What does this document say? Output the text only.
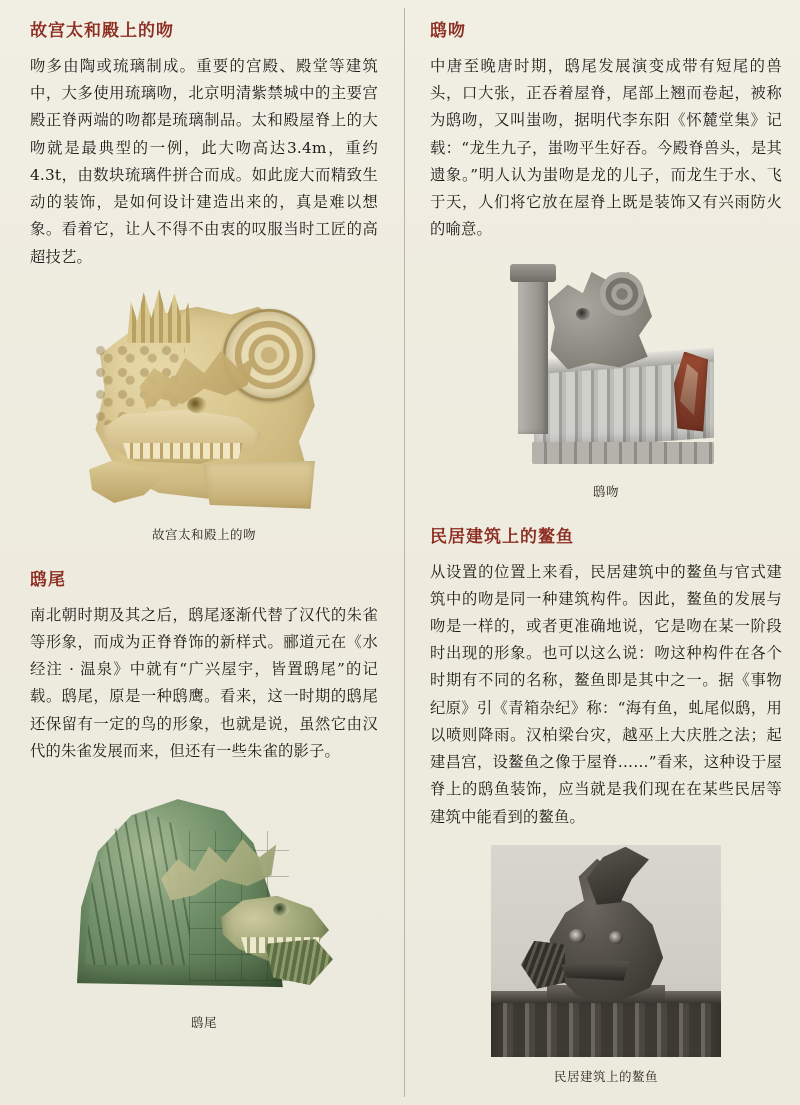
故宫太和殿上的吻

吻多由陶或琉璃制成。重要的宫殿、殿堂等建筑中，大多使用琉璃吻，北京明清紫禁城中的主要宫殿正脊两端的吻都是琉璃制品。太和殿屋脊上的大吻就是最典型的一例，此大吻高达3.4m，重约4.3t，由数块琉璃件拼合而成。如此庞大而精致生动的装饰，是如何设计建造出来的，真是难以想象。看着它，让人不得不由衷的叹服当时工匠的高超技艺。

故宫太和殿上的吻
鸱尾

南北朝时期及其之后，鸱尾逐渐代替了汉代的朱雀等形象，而成为正脊脊饰的新样式。郦道元在《水经注 · 温泉》中就有“广兴屋宇，皆置鸱尾”的记载。鸱尾，原是一种鸱鹰。看来，这一时期的鸱尾还保留有一定的鸟的形象，也就是说，虽然它由汉代的朱雀发展而来，但还有一些朱雀的影子。

鸱尾
鸱吻

中唐至晚唐时期，鸱尾发展演变成带有短尾的兽头，口大张，正吞着屋脊，尾部上翘而卷起，被称为鸱吻，又叫蚩吻，据明代李东阳《怀麓堂集》记载：“龙生九子，蚩吻平生好吞。今殿脊兽头，是其遗象。”明人认为蚩吻是龙的儿子，而龙生于水、飞于天，人们将它放在屋脊上既是装饰又有兴雨防火的喻意。

鸱吻
民居建筑上的鳌鱼

从设置的位置上来看，民居建筑中的鳌鱼与官式建筑中的吻是同一种建筑构件。因此，鳌鱼的发展与吻是一样的，或者更准确地说，它是吻在某一阶段时出现的形象。也可以这么说：吻这种构件在各个时期有不同的名称，鳌鱼即是其中之一。据《事物纪原》引《青箱杂纪》称：“海有鱼，虬尾似鸱，用以喷则降雨。汉柏梁台灾，越巫上大庆胜之法；起建昌宫，设鳌鱼之像于屋脊……”看来，这种设于屋脊上的鸱鱼装饰，应当就是我们现在在某些民居等建筑中能看到的鳌鱼。

民居建筑上的鳌鱼
